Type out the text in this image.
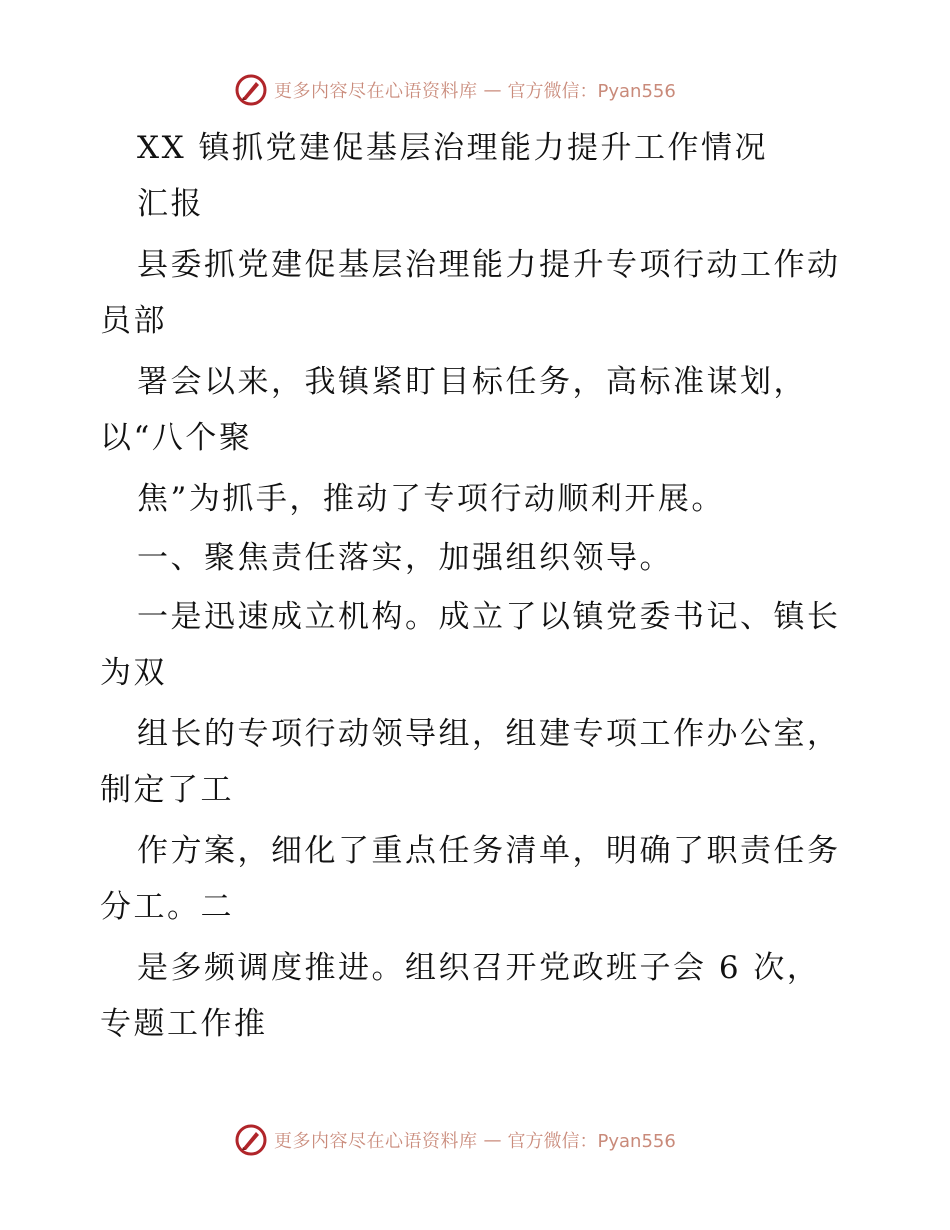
更多内容尽在心语资料库 — 官方微信：Pyan556
XX 镇抓党建促基层治理能力提升工作情况
汇报
县委抓党建促基层治理能力提升专项行动工作动
员部
署会以来，我镇紧盯目标任务，高标准谋划，
以“八个聚
焦”为抓手，推动了专项行动顺利开展。
一、聚焦责任落实，加强组织领导。
一是迅速成立机构。成立了以镇党委书记、镇长
为双
组长的专项行动领导组，组建专项工作办公室，
制定了工
作方案，细化了重点任务清单，明确了职责任务
分工。二
是多频调度推进。组织召开党政班子会 6 次，
专题工作推
更多内容尽在心语资料库 — 官方微信：Pyan556
